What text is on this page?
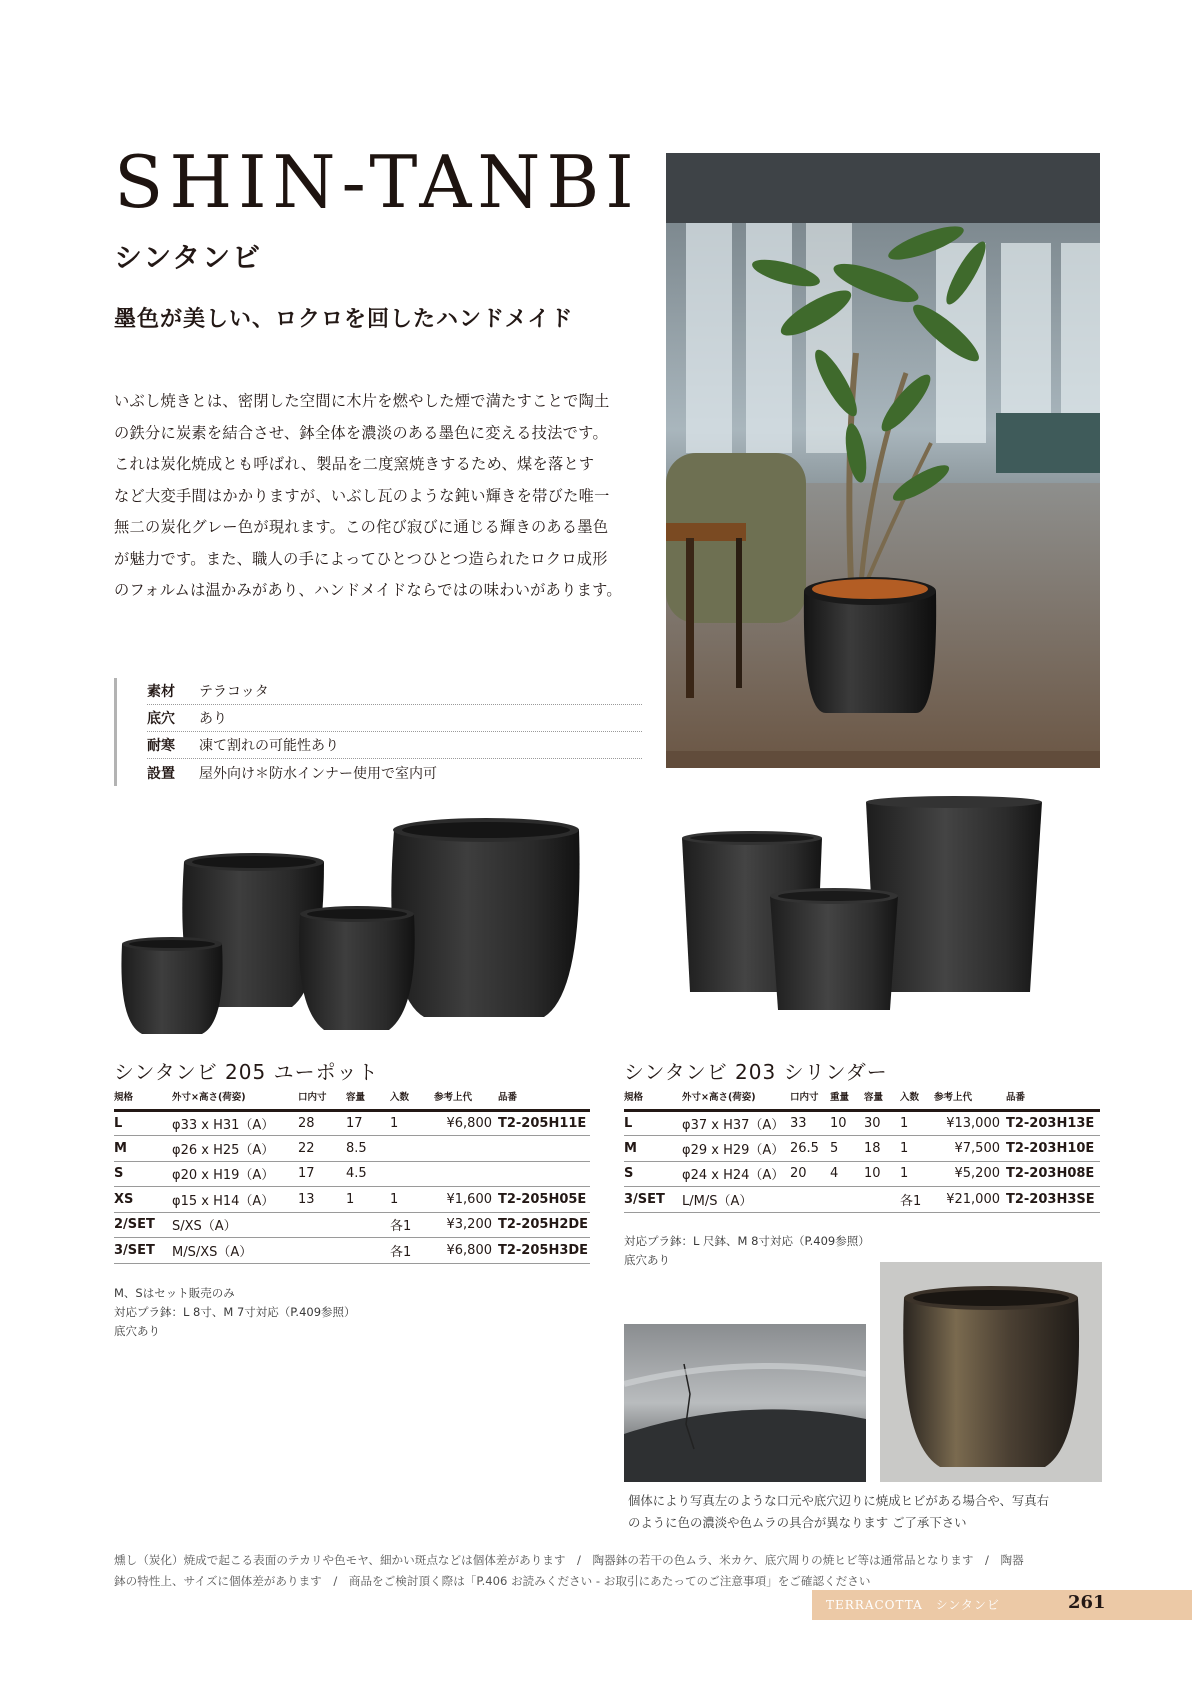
SHIN-TANBI
シンタンビ
墨色が美しい、ロクロを回したハンドメイド

いぶし焼きとは、密閉した空間に木片を燃やした煙で満たすことで陶土

の鉄分に炭素を結合させ、鉢全体を濃淡のある墨色に変える技法です。

これは炭化焼成とも呼ばれ、製品を二度窯焼きするため、煤を落とす

など大変手間はかかりますが、いぶし瓦のような鈍い輝きを帯びた唯一

無二の炭化グレー色が現れます。この侘び寂びに通じる輝きのある墨色

が魅力です。また、職人の手によってひとつひとつ造られたロクロ成形

のフォルムは温かみがあり、ハンドメイドならではの味わいがあります。

素材	テラコッタ
底穴	あり
耐寒	凍て割れの可能性あり
設置	屋外向け＊防水インナー使用で室内可
シンタンビ 205 ユーポット
規格	外寸×高さ(荷姿)	口内寸	容量	入数	参考上代	品番
L	φ33 x H31（A）	28	17	1	¥6,800	T2-205H11E
M	φ26 x H25（A）	22	8.5			
S	φ20 x H19（A）	17	4.5			
XS	φ15 x H14（A）	13	1	1	¥1,600	T2-205H05E
2/SET	S/XS（A）			各1	¥3,200	T2-205H2DE
3/SET	M/S/XS（A）			各1	¥6,800	T2-205H3DE
M、Sはセット販売のみ
対応プラ鉢：L 8寸、M 7寸対応（P.409参照）
底穴あり
シンタンビ 203 シリンダー
規格	外寸×高さ(荷姿)	口内寸	重量	容量	入数	参考上代	品番
L	φ37 x H37（A）	33	10	30	1	¥13,000	T2-203H13E
M	φ29 x H29（A）	26.5	5	18	1	¥7,500	T2-203H10E
S	φ24 x H24（A）	20	4	10	1	¥5,200	T2-203H08E
3/SET	L/M/S（A）				各1	¥21,000	T2-203H3SE
対応プラ鉢：L 尺鉢、M 8寸対応（P.409参照）
底穴あり
個体により写真左のような口元や底穴辺りに焼成ヒビがある場合や、写真右
のように色の濃淡や色ムラの具合が異なります ご了承下さい
燻し（炭化）焼成で起こる表面のテカリや色モヤ、細かい斑点などは個体差があります　/　陶器鉢の若干の色ムラ、米カケ、底穴周りの焼ヒビ等は通常品となります　/　陶器
鉢の特性上、サイズに個体差があります　/　商品をご検討頂く際は「P.406 お読みください - お取引にあたってのご注意事項」をご確認ください
TERRACOTTA シンタンビ	261
